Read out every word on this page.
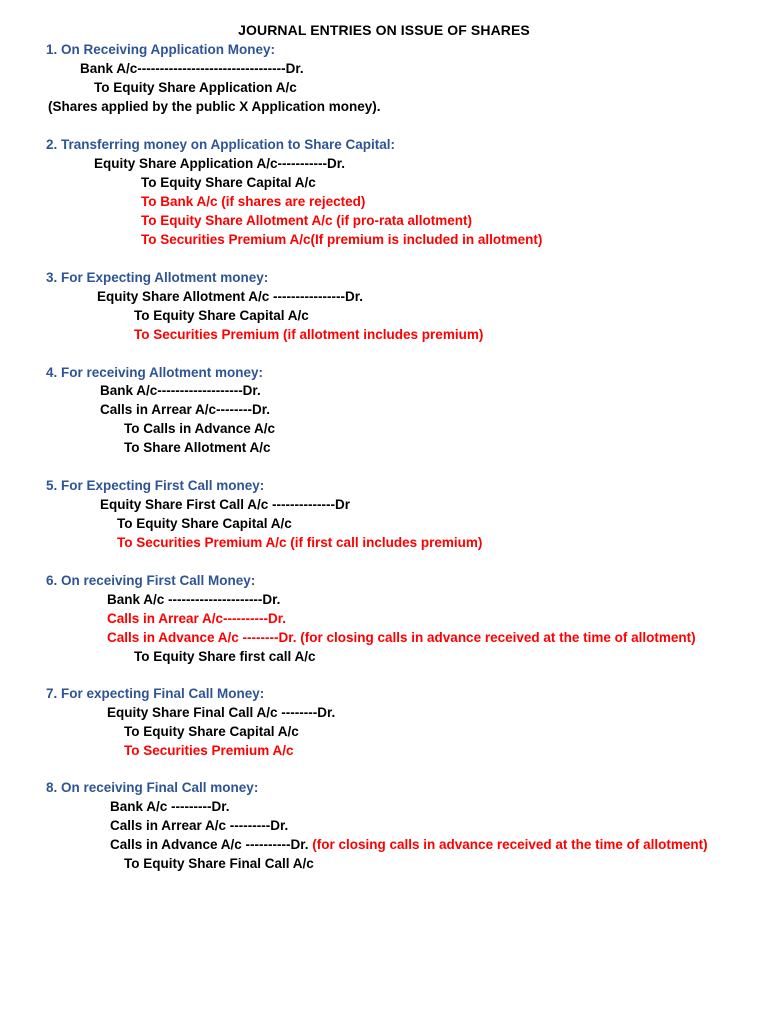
JOURNAL ENTRIES ON ISSUE OF SHARES
1. On Receiving Application Money:
Bank A/c---------------------------------Dr.
To Equity Share Application A/c
(Shares applied by the public X Application money).
2. Transferring money on Application to Share Capital:
Equity Share Application A/c-----------Dr.
To Equity Share Capital A/c
To Bank A/c (if shares are rejected)
To Equity Share Allotment A/c (if pro-rata allotment)
To Securities Premium A/c(If premium is included in allotment)
3. For Expecting Allotment money:
Equity Share Allotment A/c ----------------Dr.
To Equity Share Capital A/c
To Securities Premium (if allotment includes premium)
4. For receiving Allotment money:
Bank A/c-------------------Dr.
Calls in Arrear A/c--------Dr.
To Calls in Advance A/c
To Share Allotment A/c
5. For Expecting First Call money:
Equity Share First Call A/c --------------Dr
To Equity Share Capital A/c
To Securities Premium A/c (if first call includes premium)
6. On receiving First Call Money:
Bank A/c ---------------------Dr.
Calls in Arrear A/c----------Dr.
Calls in Advance A/c --------Dr. (for closing calls in advance received at the time of allotment)
To Equity Share first call A/c
7. For expecting Final Call Money:
Equity Share Final Call A/c --------Dr.
To Equity Share Capital A/c
To Securities Premium A/c
8. On receiving Final Call money:
Bank A/c ---------Dr.
Calls in Arrear A/c ---------Dr.
Calls in Advance A/c ----------Dr. (for closing calls in advance received at the time of allotment)
To Equity Share Final Call A/c
